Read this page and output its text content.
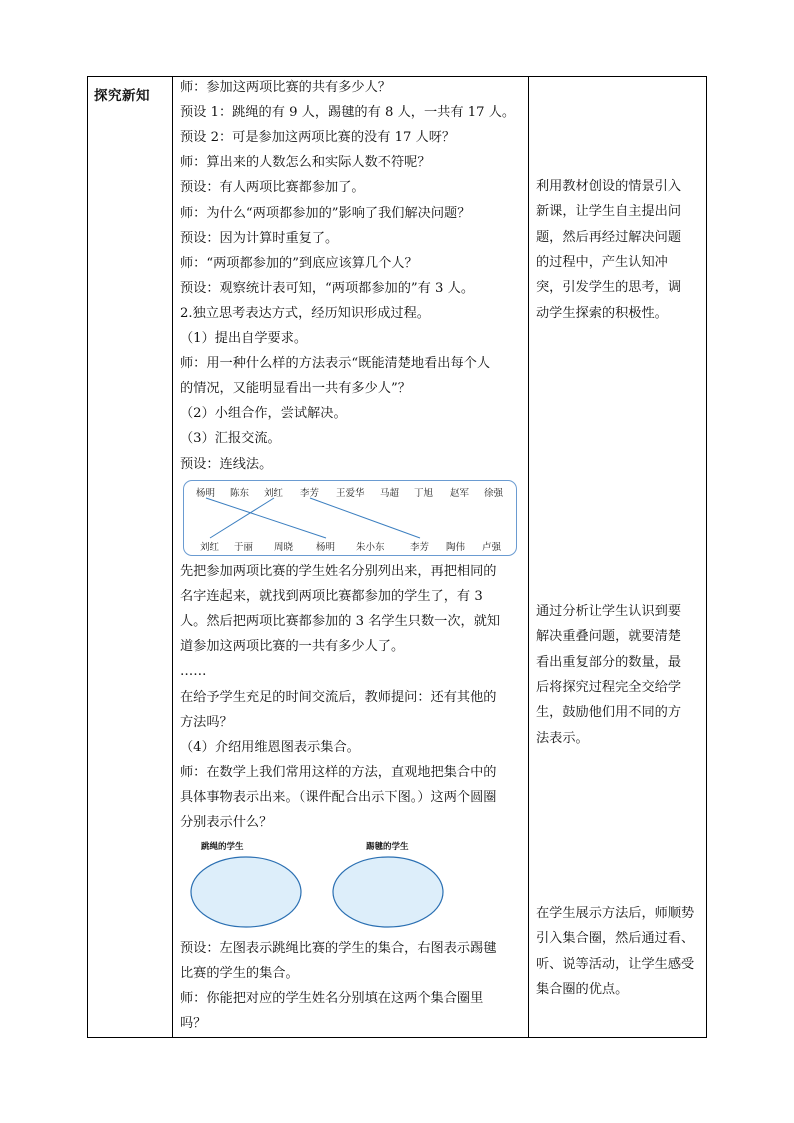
探究新知
师：参加这两项比赛的共有多少人？
预设 1：跳绳的有 9 人，踢毽的有 8 人，一共有 17 人。
预设 2：可是参加这两项比赛的没有 17 人呀？
师：算出来的人数怎么和实际人数不符呢？
预设：有人两项比赛都参加了。
师：为什么“两项都参加的”影响了我们解决问题？
预设：因为计算时重复了。
师：“两项都参加的”到底应该算几个人？
预设：观察统计表可知，“两项都参加的”有 3 人。
2.独立思考表达方式，经历知识形成过程。
（1）提出自学要求。
师：用一种什么样的方法表示“既能清楚地看出每个人
的情况，又能明显看出一共有多少人”？
（2）小组合作，尝试解决。
（3）汇报交流。
预设：连线法。
先把参加两项比赛的学生姓名分别列出来，再把相同的
名字连起来，就找到两项比赛都参加的学生了，有 3
人。然后把两项比赛都参加的 3 名学生只数一次，就知
道参加这两项比赛的一共有多少人了。
……
在给予学生充足的时间交流后，教师提问：还有其他的
方法吗？
（4）介绍用维恩图表示集合。
师：在数学上我们常用这样的方法，直观地把集合中的
具体事物表示出来。（课件配合出示下图。）这两个圆圈
分别表示什么？
预设：左图表示跳绳比赛的学生的集合，右图表示踢毽
比赛的学生的集合。
师：你能把对应的学生姓名分别填在这两个集合圈里
吗？
杨明 陈东 刘红 李芳 王爱华 马超 丁旭 赵军 徐强
刘红 于丽 周晓 杨明 朱小东	李芳 陶伟 卢强
跳绳的学生	踢毽的学生
利用教材创设的情景引入
新课，让学生自主提出问
题，然后再经过解决问题
的过程中，产生认知冲
突，引发学生的思考，调
动学生探索的积极性。
通过分析让学生认识到要
解决重叠问题，就要清楚
看出重复部分的数量，最
后将探究过程完全交给学
生，鼓励他们用不同的方
法表示。
在学生展示方法后，师顺势
引入集合圈，然后通过看、
听、说等活动，让学生感受
集合圈的优点。
